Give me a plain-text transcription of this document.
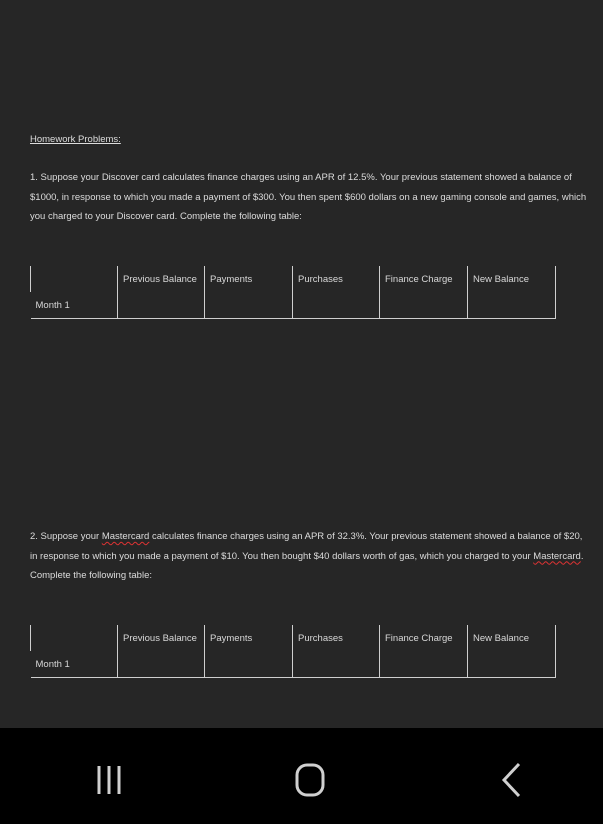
Homework Problems:
1. Suppose your Discover card calculates finance charges using an APR of 12.5%. Your previous statement showed a balance of $1000, in response to which you made a payment of $300. You then spent $600 dollars on a new gaming console and games, which you charged to your Discover card. Complete the following table:
	Previous Balance	Payments	Purchases	Finance Charge	New Balance
Month 1					
2. Suppose your Mastercard calculates finance charges using an APR of 32.3%. Your previous statement showed a balance of $20, in response to which you made a payment of $10. You then bought $40 dollars worth of gas, which you charged to your Mastercard. Complete the following table:
	Previous Balance	Payments	Purchases	Finance Charge	New Balance
Month 1					
